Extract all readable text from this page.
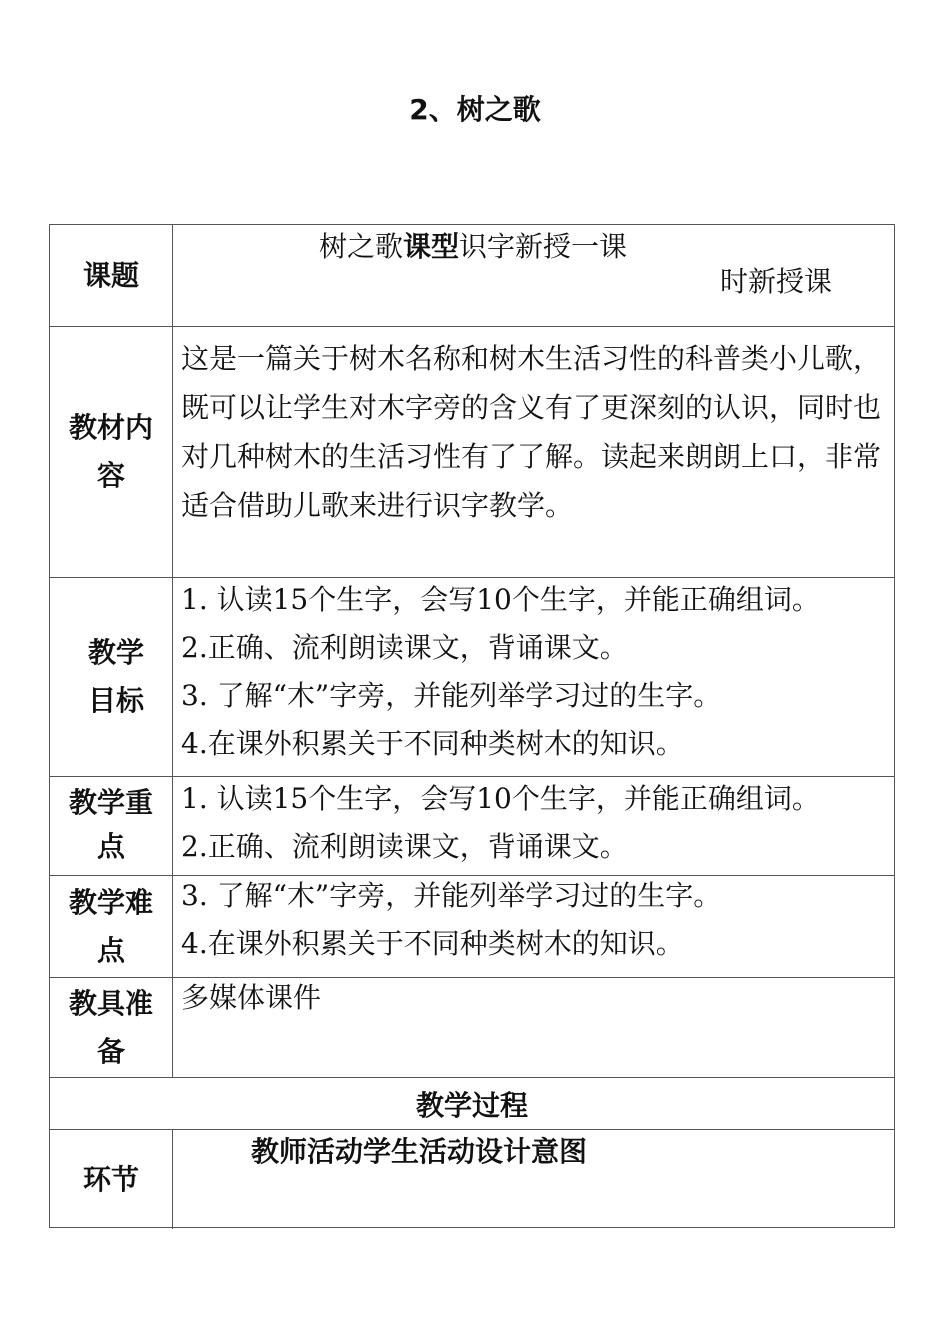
2、树之歌
课题
树之歌课型识字新授一课
时新授课
教材内容
这是一篇关于树木名称和树木生活习性的科普类小儿歌，既可以让学生对木字旁的含义有了更深刻的认识，同时也对几种树木的生活习性有了了解。读起来朗朗上口，非常适合借助儿歌来进行识字教学。
教学目标

1. 认读15个生字，会写10个生字，并能正确组词。

2.正确、流利朗读课文，背诵课文。

3. 了解“木”字旁，并能列举学习过的生字。

4.在课外积累关于不同种类树木的知识。

教学重点

1. 认读15个生字，会写10个生字，并能正确组词。

2.正确、流利朗读课文，背诵课文。

教学难点

3. 了解“木”字旁，并能列举学习过的生字。

4.在课外积累关于不同种类树木的知识。

教具准备

多媒体课件

教学过程
环节
教师活动学生活动设计意图
